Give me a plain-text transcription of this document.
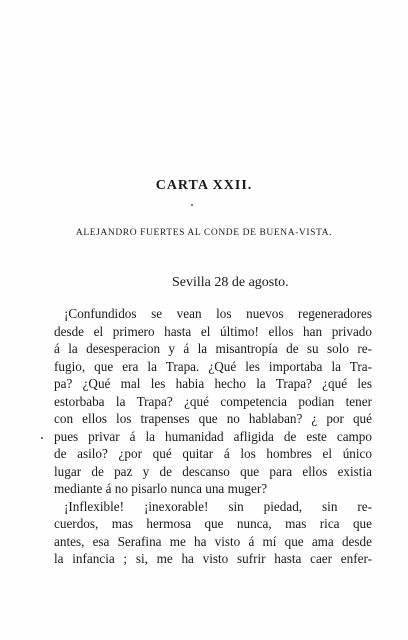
CARTA XXII.
ALEJANDRO FUERTES AL CONDE DE BUENA-VISTA.
Sevilla 28 de agosto.
¡Confundidos se vean los nuevos regeneradores
desde el primero hasta el último! ellos han privado
á la desesperacion y á la misantropía de su solo re-
fugio, que era la Trapa. ¿Qué les importaba la Tra-
pa? ¿Qué mal les habia hecho la Trapa? ¿qué les
estorbaba la Trapa? ¿qué competencia podian tener
con ellos los trapenses que no hablaban? ¿ por qué
pues privar á la humanidad afligida de este campo
de asilo? ¿por qué quitar á los hombres el único
lugar de paz y de descanso que para ellos existia
mediante á no pisarlo nunca una muger?
¡Inflexible! ¡inexorable! sin piedad, sin re-
cuerdos, mas hermosa que nunca, mas rica que
antes, esa Serafina me ha visto á mí que ama desde
la infancia ; si, me ha visto sufrir hasta caer enfer-
